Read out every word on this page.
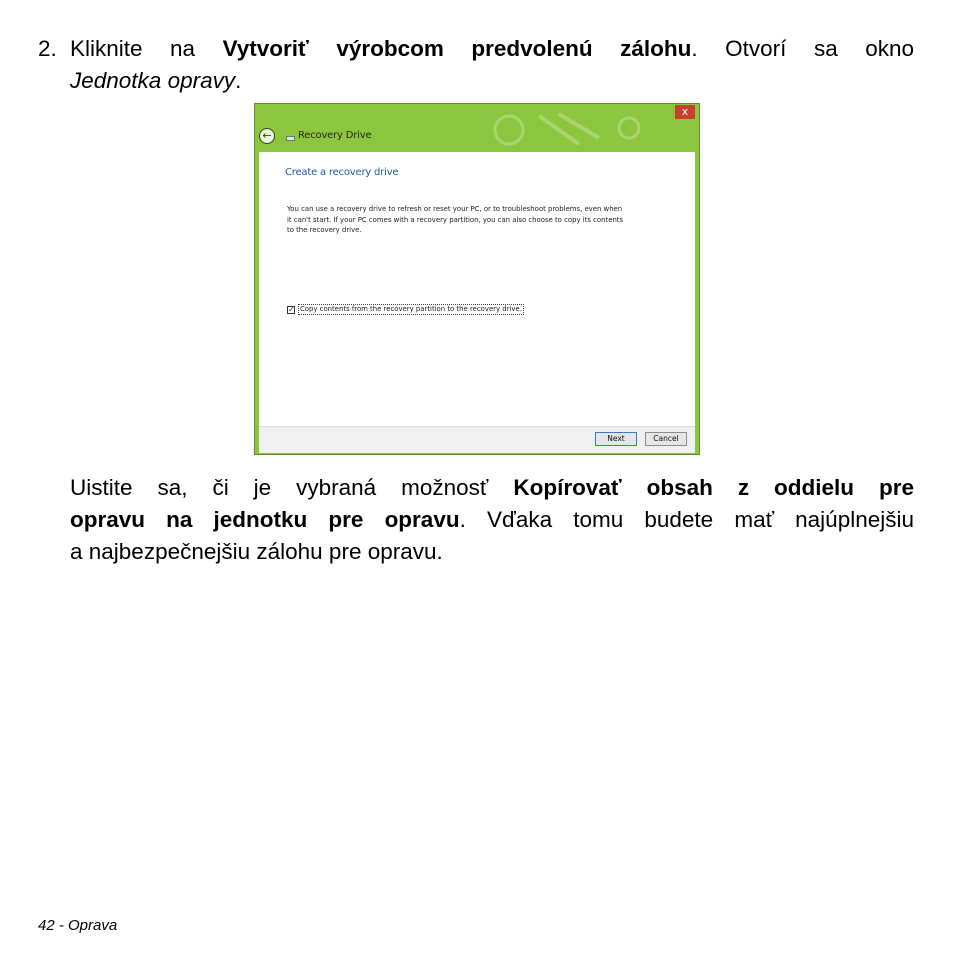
2. Kliknite na Vytvoriť výrobcom predvolenú zálohu. Otvorí sa okno
Jednotka opravy.
x
←	Recovery Drive
Create a recovery drive
You can use a recovery drive to refresh or reset your PC, or to troubleshoot problems, even when
it can't start. If your PC comes with a recovery partition, you can also choose to copy its contents
to the recovery drive.
✓ Copy contents from the recovery partition to the recovery drive.
Next	Cancel
Uistite sa, či je vybraná možnosť Kopírovať obsah z oddielu pre
opravu na jednotku pre opravu. Vďaka tomu budete mať najúplnejšiu
a najbezpečnejšiu zálohu pre opravu.
42 - Oprava
